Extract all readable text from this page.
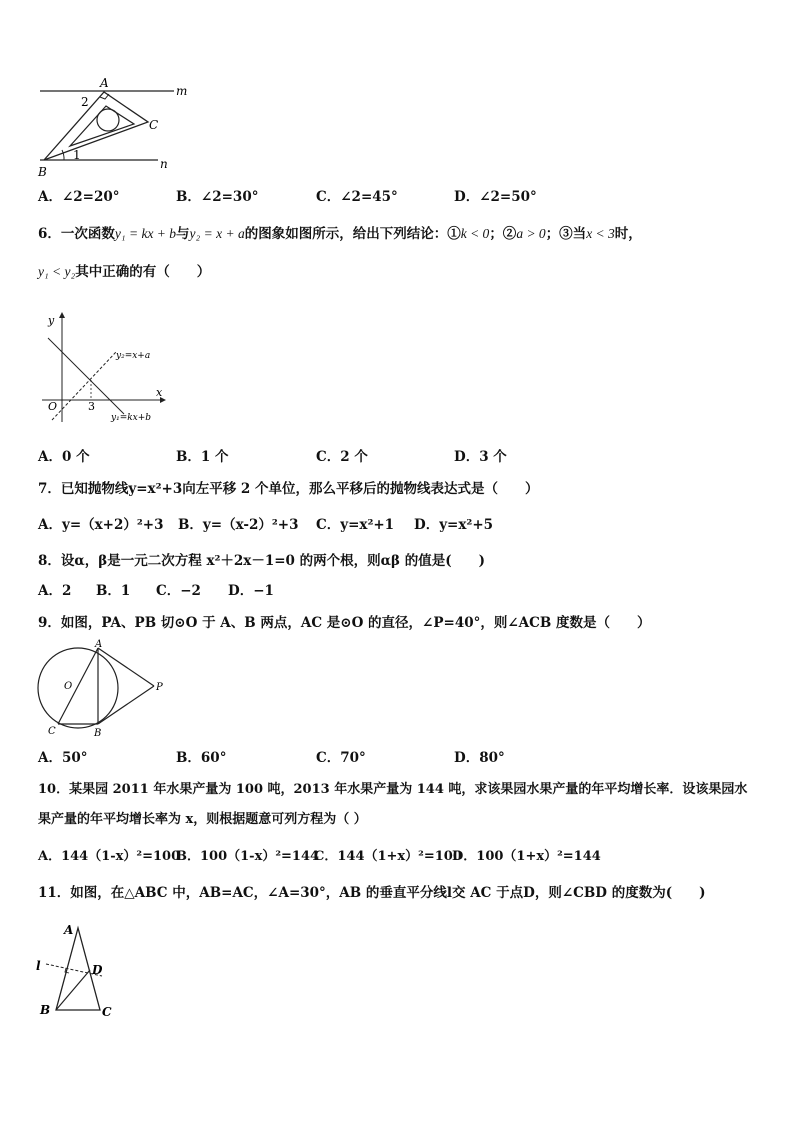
A
C
B
m
n
1
2
A．∠2=20°	B．∠2=30°	C．∠2=45°	D．∠2=50°
6．一次函数y₁ = kx + b与y₂ = x + a的图象如图所示，给出下列结论：①k < 0；②a > 0；③当x < 3时，
y₁ < y₂其中正确的有（　　）
y
x
O	3
y₂=x+a
y₁=kx+b
A．0 个	B．1 个	C．2 个	D．3 个
7．已知抛物线y=x²+3向左平移 2 个单位，那么平移后的抛物线表达式是（　　）
A．y=（x+2）²+3 B．y=（x-2）²+3 C．y=x²+1 D．y=x²+5
8．设α，β是一元二次方程 x²＋2x－1=0 的两个根，则αβ 的值是(　　)
A．2 B．1 C．−2 D．−1
9．如图，PA、PB 切⊙O 于 A、B 两点，AC 是⊙O 的直径，∠P=40°，则∠ACB 度数是（　　）
A
O	P
C	B
A．50°	B．60°	C．70°	D．80°
10．某果园 2011 年水果产量为 100 吨，2013 年水果产量为 144 吨，求该果园水果产量的年平均增长率．设该果园水
果产量的年平均增长率为 x，则根据题意可列方程为（ ）
A．144（1-x）²=100
B．100（1-x）²=144
C．144（1+x）²=100
D．100（1+x）²=144
11．如图，在△ABC 中，AB=AC，∠A=30°，AB 的垂直平分线l交 AC 于点D，则∠CBD 的度数为(　　)
A
l	D
B	C
